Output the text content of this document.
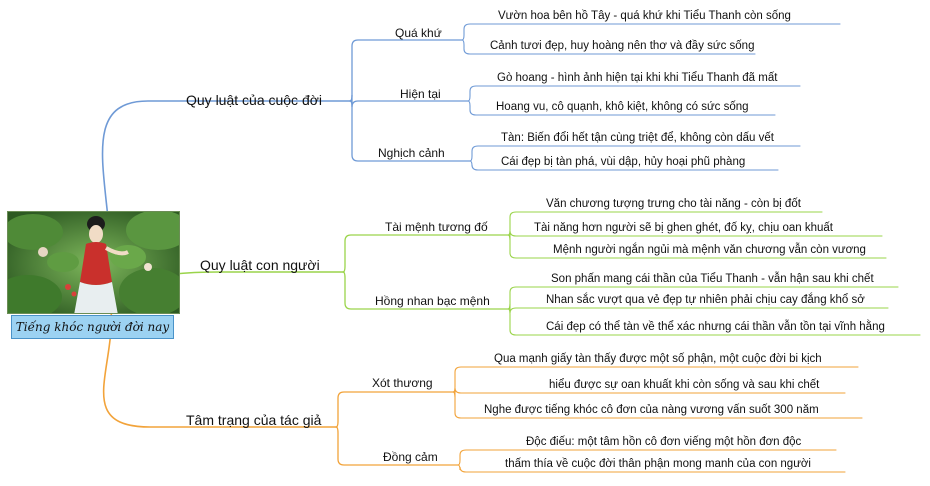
Tiếng khóc người đời nay
Quy luật của cuộc đời
Quá khứ
Vườn hoa bên hồ Tây - quá khứ khi Tiểu Thanh còn sống
Cảnh tươi đẹp, huy hoàng nên thơ và đầy sức sống
Hiện tại
Gò hoang - hình ảnh hiện tại khi khi Tiểu Thanh đã mất
Hoang vu, cô quạnh, khô kiệt, không có sức sống
Nghịch cảnh
Tàn: Biến đổi hết tận cùng triệt để, không còn dấu vết
Cái đẹp bị tàn phá, vùi dập, hủy hoại phũ phàng
Quy luật con người
Tài mệnh tương đố
Văn chương tượng trưng cho tài năng - còn bị đốt
Tài năng hơn người sẽ bị ghen ghét, đố kỵ, chịu oan khuất
Mệnh người ngắn ngủi mà mệnh văn chương vẫn còn vương
Hồng nhan bạc mệnh
Son phấn mang cái thần của Tiểu Thanh - vẫn hận sau khi chết
Nhan sắc vượt qua vẻ đẹp tự nhiên phải chịu cay đắng khổ sở
Cái đẹp có thể tàn về thể xác nhưng cái thần vẫn tồn tại vĩnh hằng
Tâm trạng của tác giả
Xót thương
Qua mạnh giấy tàn thấy được một số phận, một cuộc đời bi kịch
hiểu được sự oan khuất khi còn sống và sau khi chết
Nghe được tiếng khóc cô đơn của nàng vương vấn suốt 300 năm
Đồng cảm
Độc điếu: một tâm hồn cô đơn viếng một hồn đơn độc
thấm thía về cuộc đời thân phận mong manh của con người
